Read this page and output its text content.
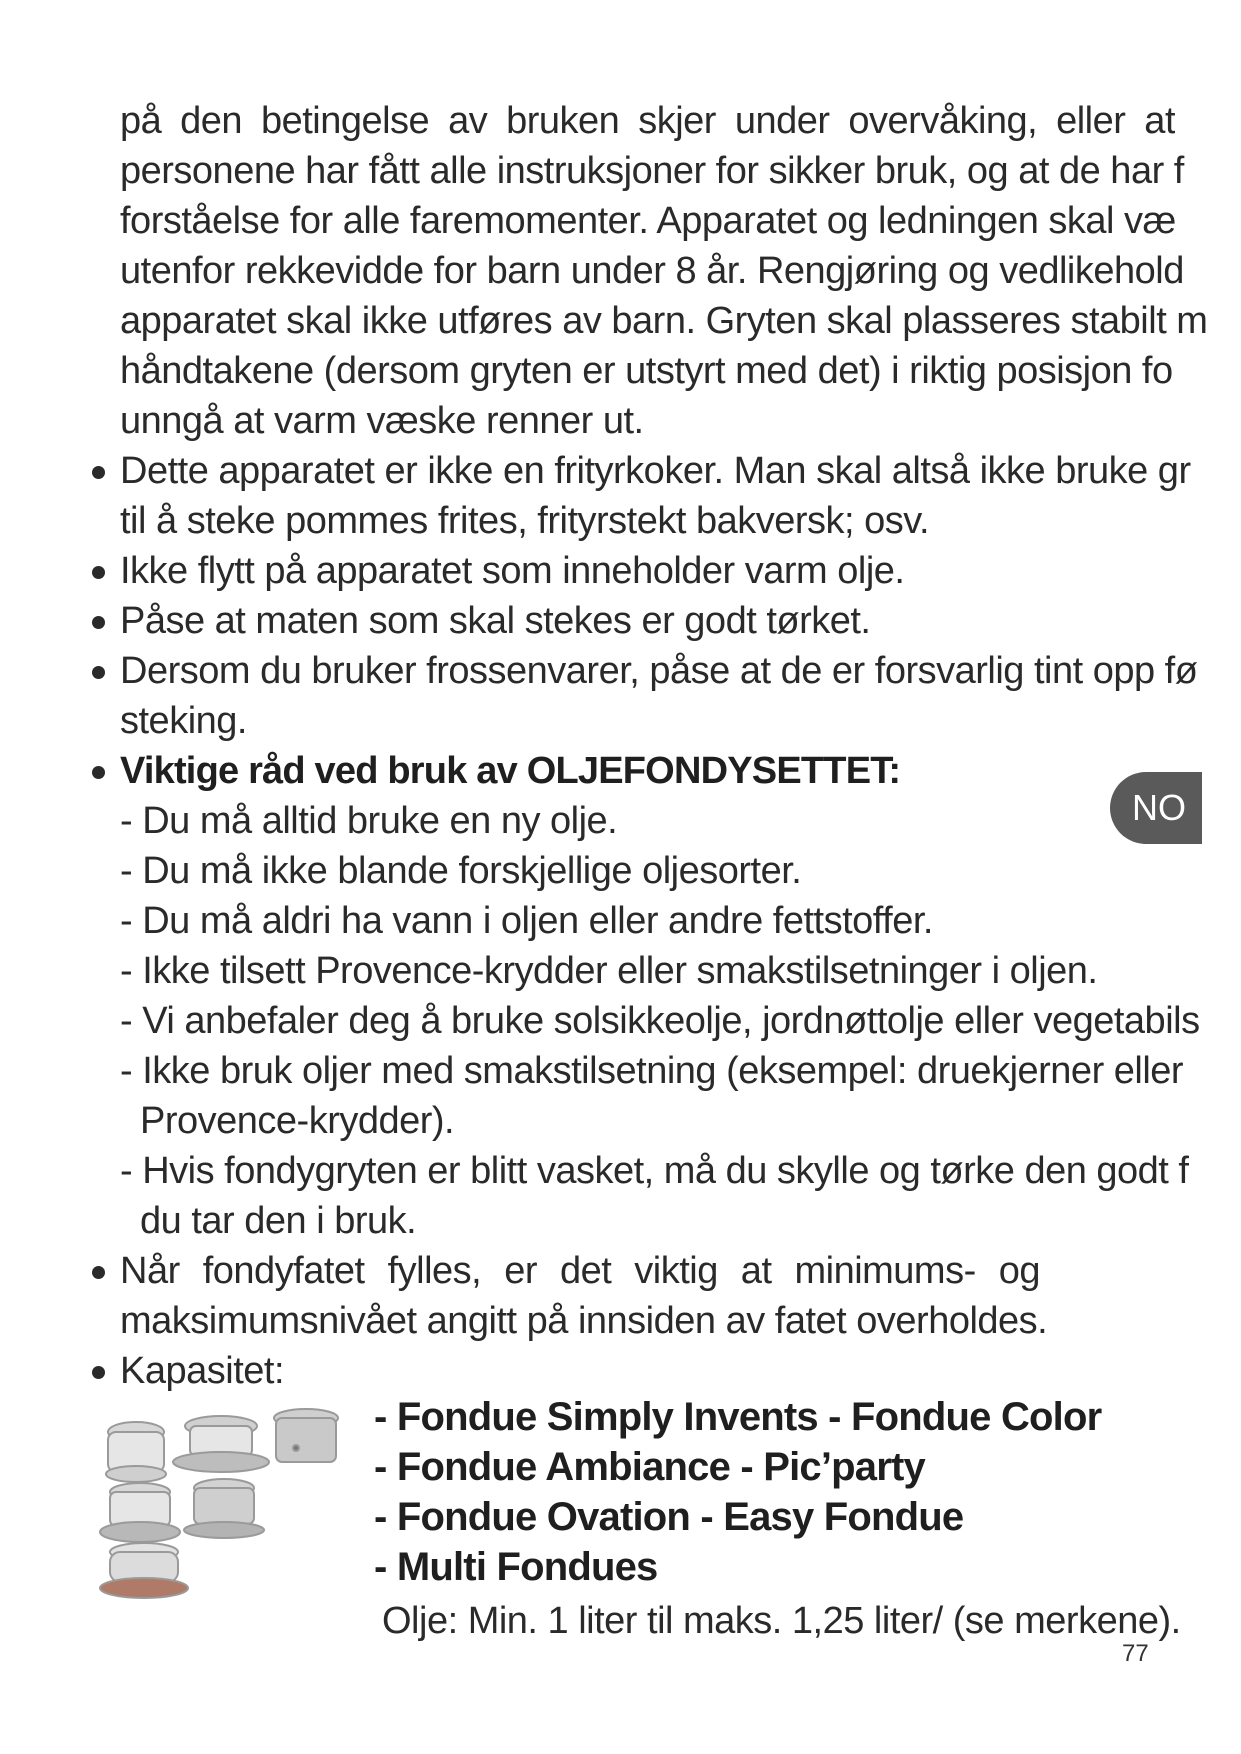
på den betingelse av bruken skjer under overvåking, eller at
personene har fått alle instruksjoner for sikker bruk, og at de har f
forståelse for alle faremomenter. Apparatet og ledningen skal væ
utenfor rekkevidde for barn under 8 år. Rengjøring og vedlikehold
apparatet skal ikke utføres av barn. Gryten skal plasseres stabilt m
håndtakene (dersom gryten er utstyrt med det) i riktig posisjon fo
unngå at varm væske renner ut.
Dette apparatet er ikke en frityrkoker. Man skal altså ikke bruke gr
til å steke pommes frites, frityrstekt bakversk; osv.
Ikke flytt på apparatet som inneholder varm olje.
Påse at maten som skal stekes er godt tørket.
Dersom du bruker frossenvarer, påse at de er forsvarlig tint opp fø
steking.
Viktige råd ved bruk av OLJEFONDYSETTET:
- Du må alltid bruke en ny olje.
- Du må ikke blande forskjellige oljesorter.
- Du må aldri ha vann i oljen eller andre fettstoffer.
- Ikke tilsett Provence-krydder eller smakstilsetninger i oljen.
- Vi anbefaler deg å bruke solsikkeolje, jordnøttolje eller vegetabils
- Ikke bruk oljer med smakstilsetning (eksempel: druekjerner eller
Provence-krydder).
- Hvis fondygryten er blitt vasket, må du skylle og tørke den godt f
du tar den i bruk.
Når fondyfatet fylles, er det viktig at minimums- og
maksimumsnivået angitt på innsiden av fatet overholdes.
Kapasitet:
NO
- Fondue Simply Invents - Fondue Color
- Fondue Ambiance - Pic’party
- Fondue Ovation - Easy Fondue
- Multi Fondues
Olje: Min. 1 liter til maks. 1,25 liter/ (se merkene).
77
